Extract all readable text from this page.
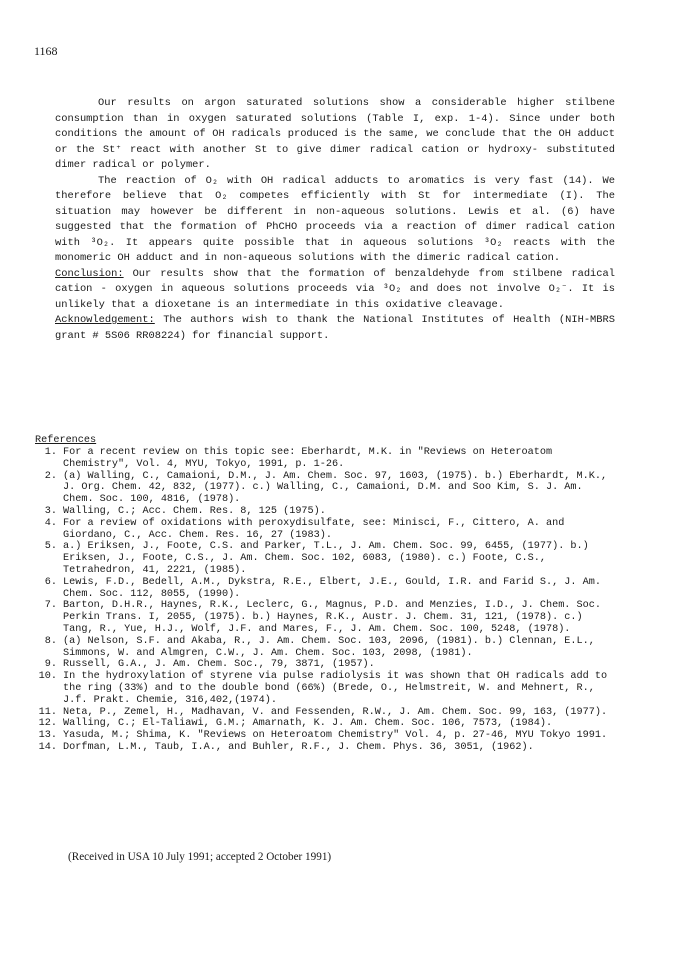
1168

Our results on argon saturated solutions show a considerable higher stilbene consumption than in oxygen saturated solutions (Table I, exp. 1-4). Since under both conditions the amount of OH radicals produced is the same, we conclude that the OH adduct or the St⁺ react with another St to give dimer radical cation or hydroxy- substituted dimer radical or polymer.

The reaction of O₂ with OH radical adducts to aromatics is very fast (14). We therefore believe that O₂ competes efficiently with St for intermediate (I). The situation may however be different in non-aqueous solutions. Lewis et al. (6) have suggested that the formation of PhCHO proceeds via a reaction of dimer radical cation with ³O₂. It appears quite possible that in aqueous solutions ³O₂ reacts with the monomeric OH adduct and in non-aqueous solutions with the dimeric radical cation.

Conclusion: Our results show that the formation of benzaldehyde from stilbene radical cation - oxygen in aqueous solutions proceeds via ³O₂ and does not involve O₂⁻. It is unlikely that a dioxetane is an intermediate in this oxidative cleavage.

Acknowledgement: The authors wish to thank the National Institutes of Health (NIH-MBRS grant # 5S06 RR08224) for financial support.

References

1. For a recent review on this topic see: Eberhardt, M.K. in "Reviews on Heteroatom Chemistry", Vol. 4, MYU, Tokyo, 1991, p. 1-26.
2. (a) Walling, C., Camaioni, D.M., J. Am. Chem. Soc. 97, 1603, (1975). b.) Eberhardt, M.K., J. Org. Chem. 42, 832, (1977). c.) Walling, C., Camaioni, D.M. and Soo Kim, S. J. Am. Chem. Soc. 100, 4816, (1978).
3. Walling, C.; Acc. Chem. Res. 8, 125 (1975).
4. For a review of oxidations with peroxydisulfate, see: Minisci, F., Cittero, A. and Giordano, C., Acc. Chem. Res. 16, 27 (1983).
5. a.) Eriksen, J., Foote, C.S. and Parker, T.L., J. Am. Chem. Soc. 99, 6455, (1977). b.) Eriksen, J., Foote, C.S., J. Am. Chem. Soc. 102, 6083, (1980). c.) Foote, C.S., Tetrahedron, 41, 2221, (1985).
6. Lewis, F.D., Bedell, A.M., Dykstra, R.E., Elbert, J.E., Gould, I.R. and Farid S., J. Am. Chem. Soc. 112, 8055, (1990).
7. Barton, D.H.R., Haynes, R.K., Leclerc, G., Magnus, P.D. and Menzies, I.D., J. Chem. Soc. Perkin Trans. I, 2055, (1975). b.) Haynes, R.K., Austr. J. Chem. 31, 121, (1978). c.) Tang, R., Yue, H.J., Wolf, J.F. and Mares, F., J. Am. Chem. Soc. 100, 5248, (1978).
8. (a) Nelson, S.F. and Akaba, R., J. Am. Chem. Soc. 103, 2096, (1981). b.) Clennan, E.L., Simmons, W. and Almgren, C.W., J. Am. Chem. Soc. 103, 2098, (1981).
9. Russell, G.A., J. Am. Chem. Soc., 79, 3871, (1957).
10. In the hydroxylation of styrene via pulse radiolysis it was shown that OH radicals add to the ring (33%) and to the double bond (66%) (Brede, O., Helmstreit, W. and Mehnert, R., J.f. Prakt. Chemie, 316,402,(1974).
11. Neta, P., Zemel, H., Madhavan, V. and Fessenden, R.W., J. Am. Chem. Soc. 99, 163, (1977).
12. Walling, C.; El-Taliawi, G.M.; Amarnath, K. J. Am. Chem. Soc. 106, 7573, (1984).
13. Yasuda, M.; Shima, K. "Reviews on Heteroatom Chemistry" Vol. 4, p. 27-46, MYU Tokyo 1991.
14. Dorfman, L.M., Taub, I.A., and Buhler, R.F., J. Chem. Phys. 36, 3051, (1962).
(Received in USA 10 July 1991; accepted 2 October 1991)
